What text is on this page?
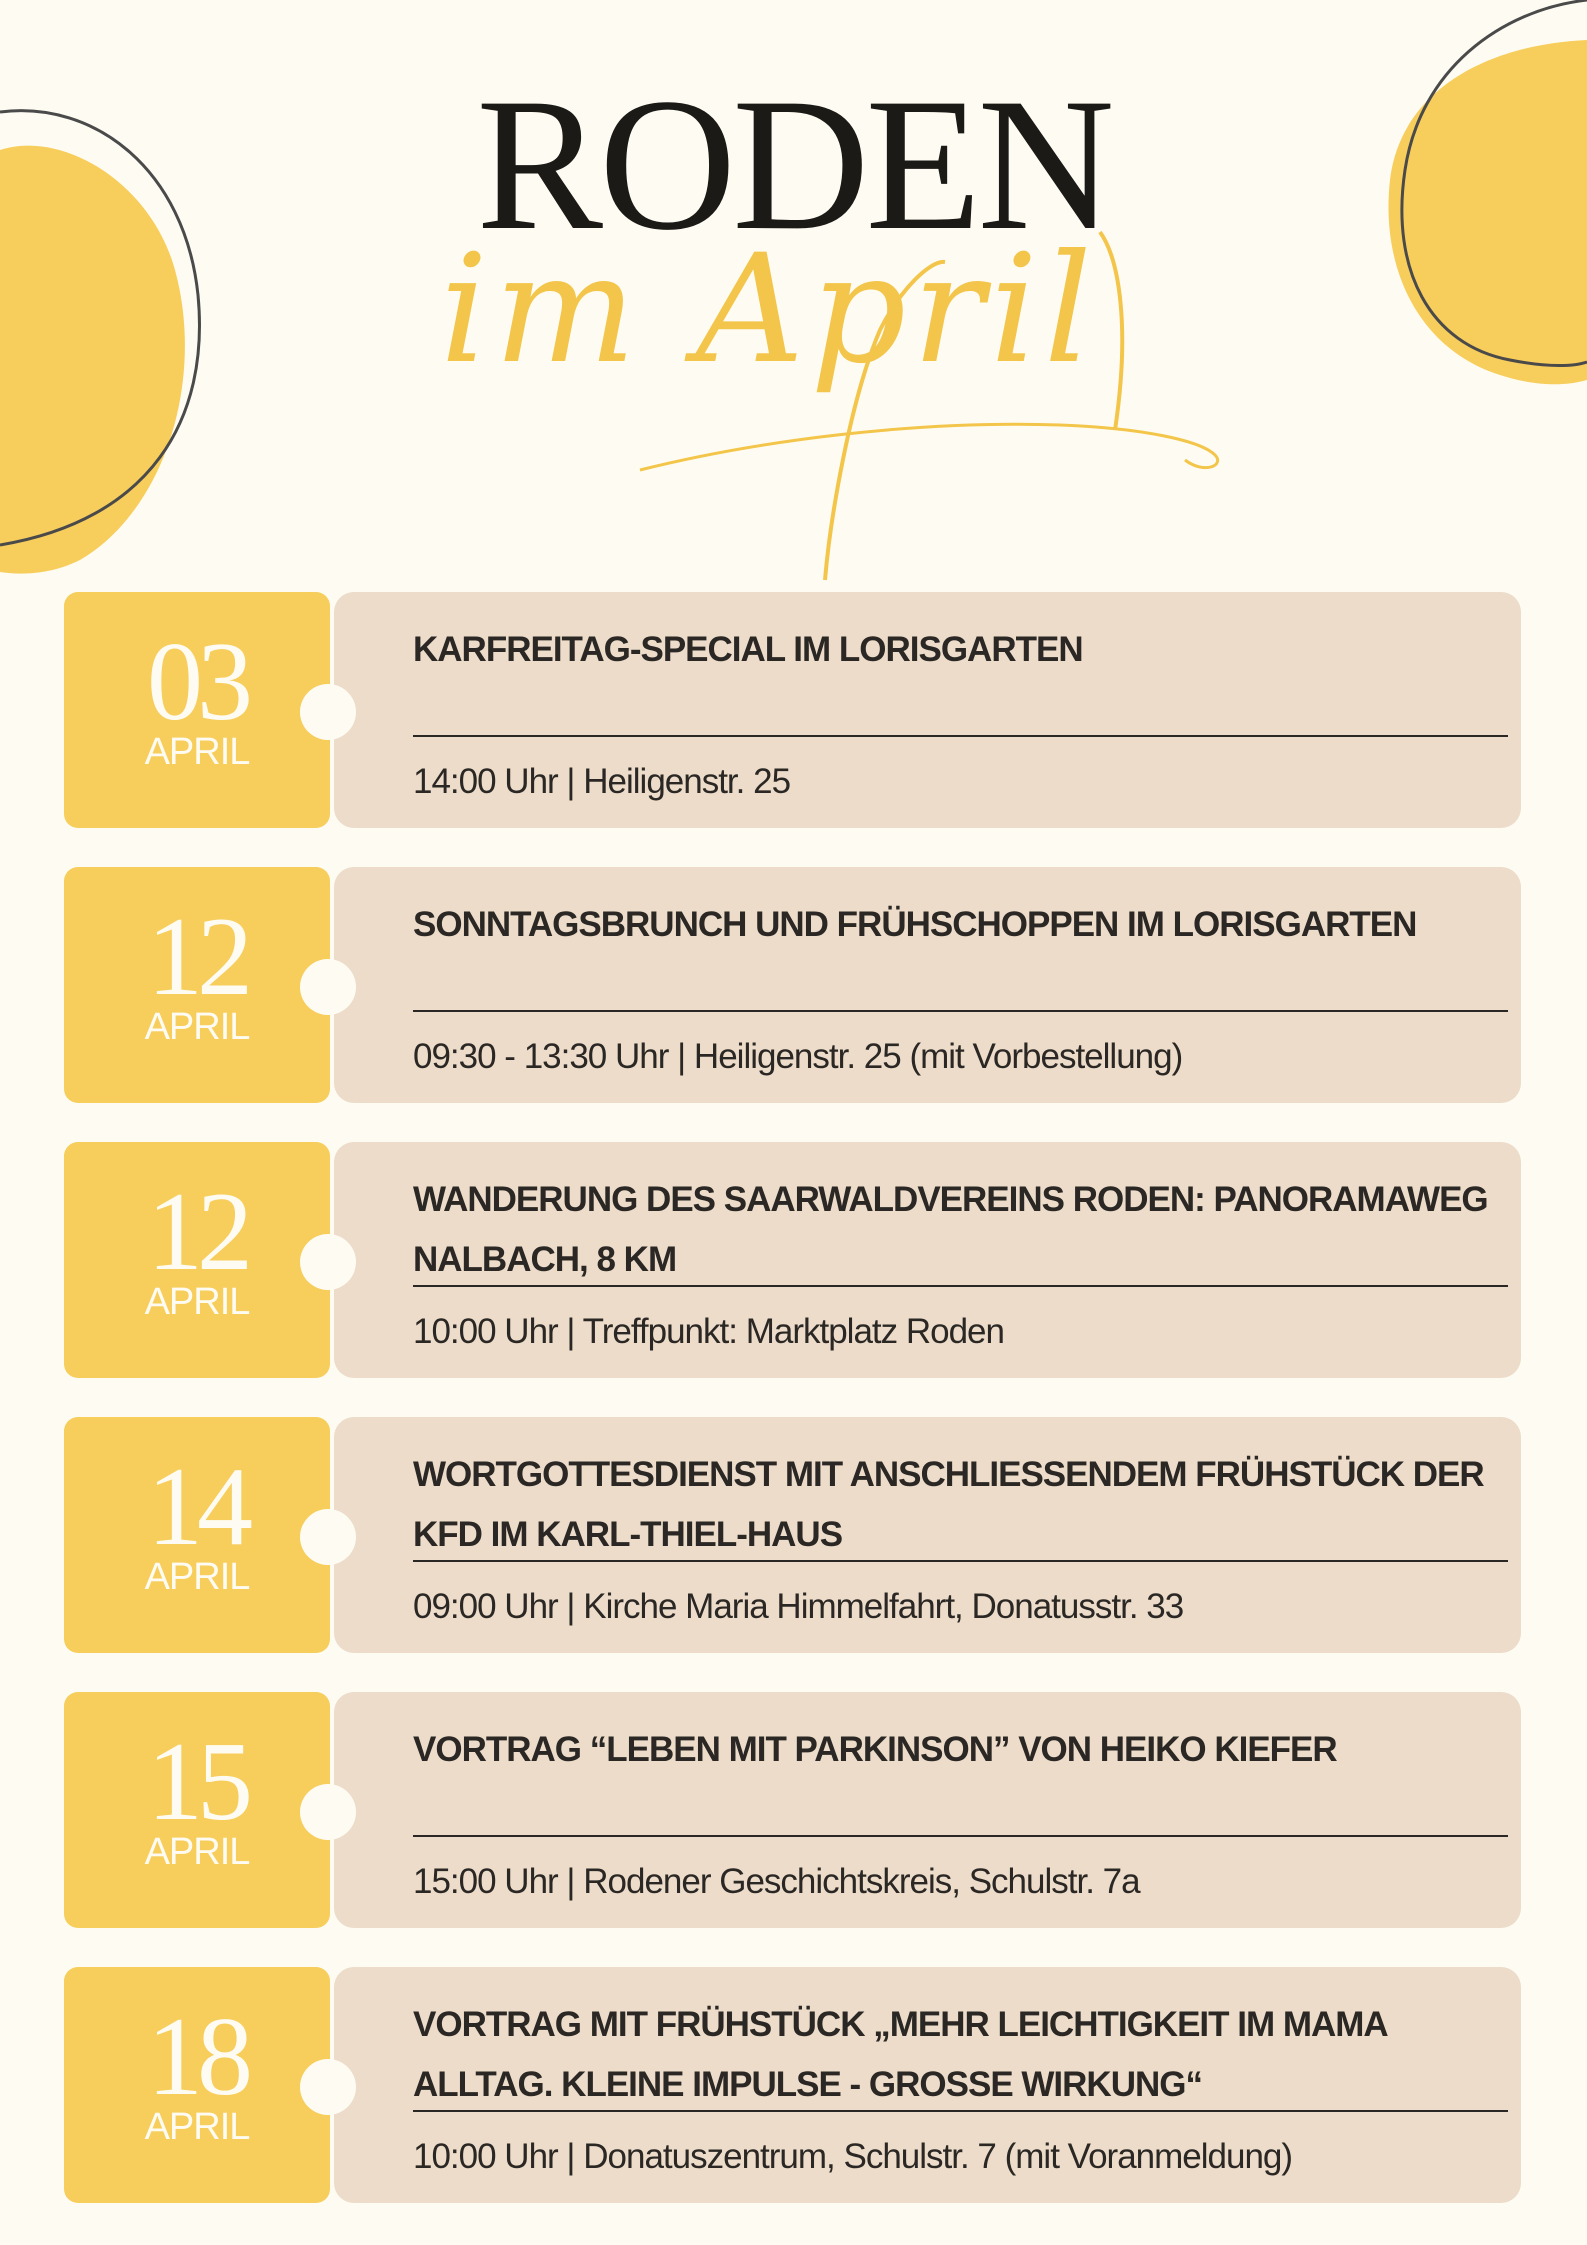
RODEN
im April
03
APRIL
KARFREITAG-SPECIAL IM LORISGARTEN
14:00 Uhr | Heiligenstr. 25
12
APRIL
SONNTAGSBRUNCH UND FRÜHSCHOPPEN IM LORISGARTEN
09:30 - 13:30 Uhr | Heiligenstr. 25 (mit Vorbestellung)
12
APRIL
WANDERUNG DES SAARWALDVEREINS RODEN: PANORAMAWEG NALBACH, 8 KM
10:00 Uhr | Treffpunkt: Marktplatz Roden
14
APRIL
WORTGOTTESDIENST MIT ANSCHLIESSENDEM FRÜHSTÜCK DER KFD IM KARL-THIEL-HAUS
09:00 Uhr | Kirche Maria Himmelfahrt, Donatusstr. 33
15
APRIL
VORTRAG “LEBEN MIT PARKINSON” VON HEIKO KIEFER
15:00 Uhr | Rodener Geschichtskreis, Schulstr. 7a
18
APRIL
VORTRAG MIT FRÜHSTÜCK „MEHR LEICHTIGKEIT IM MAMA ALLTAG. KLEINE IMPULSE - GROSSE WIRKUNG“
10:00 Uhr | Donatuszentrum, Schulstr. 7 (mit Voranmeldung)
